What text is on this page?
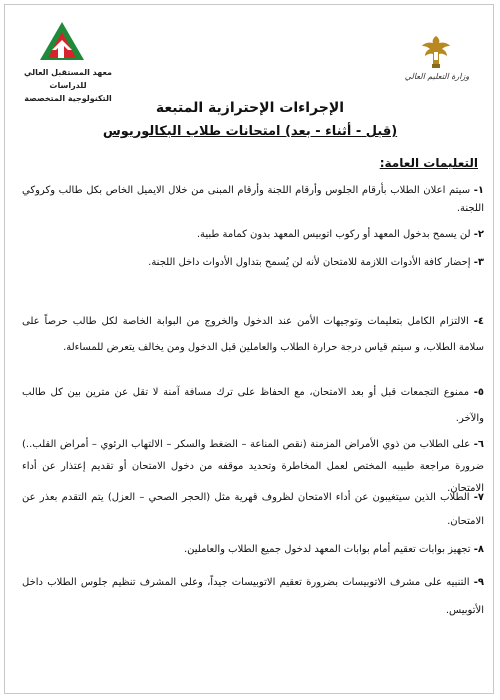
معهد المستقبل العالي للدراسات
التكنولوجية المتخصصة
وزارة التعليم العالي
الإجراءات الإحترازية المتبعة
(قبل - أثناء - بعد) امتحانات طلاب البكالوريوس
التعليمات العامة:
١- سيتم اعلان الطلاب بأرقام الجلوس وأرقام اللجنة وأرقام المبنى من خلال الايميل الخاص بكل طالب وكروكي اللجنة.
٢- لن يسمح بدخول المعهد أو ركوب اتوبيس المعهد بدون كمامة طبية.
٣- إحضار كافة الأدوات اللازمة للامتحان لأنه لن يُسمح بتداول الأدوات داخل اللجنة.
٤- الالتزام الكامل بتعليمات وتوجيهات الأمن عند الدخول والخروج من البوابة الخاصة لكل طالب حرصاً على سلامة الطلاب، و سيتم قياس درجة حرارة الطلاب والعاملين قبل الدخول ومن يخالف يتعرض للمساءلة.
٥- ممنوع التجمعات قبل أو بعد الامتحان، مع الحفاظ على ترك مسافة آمنة لا تقل عن مترين بين كل طالب والآخر.
٦- على الطلاب من ذوي الأمراض المزمنة (نقص المناعة – الضغط والسكر – الالتهاب الرئوي – أمراض القلب..) ضرورة مراجعة طبيبه المختص لعمل المخاطرة وتحديد موقفه من دخول الامتحان أو تقديم إعتذار عن أداء الامتحان.
٧- الطلاب الذين سيتغيبون عن أداء الامتحان لظروف قهرية مثل (الحجر الصحي – العزل) يتم التقدم بعذر عن الامتحان.
٨- تجهيز بوابات تعقيم أمام بوابات المعهد لدخول جميع الطلاب والعاملين.
٩- التنبيه على مشرف الاتوبيسات بضرورة تعقيم الاتوبيسات جيداً، وعلى المشرف تنظيم جلوس الطلاب داخل الأتوبيس.
